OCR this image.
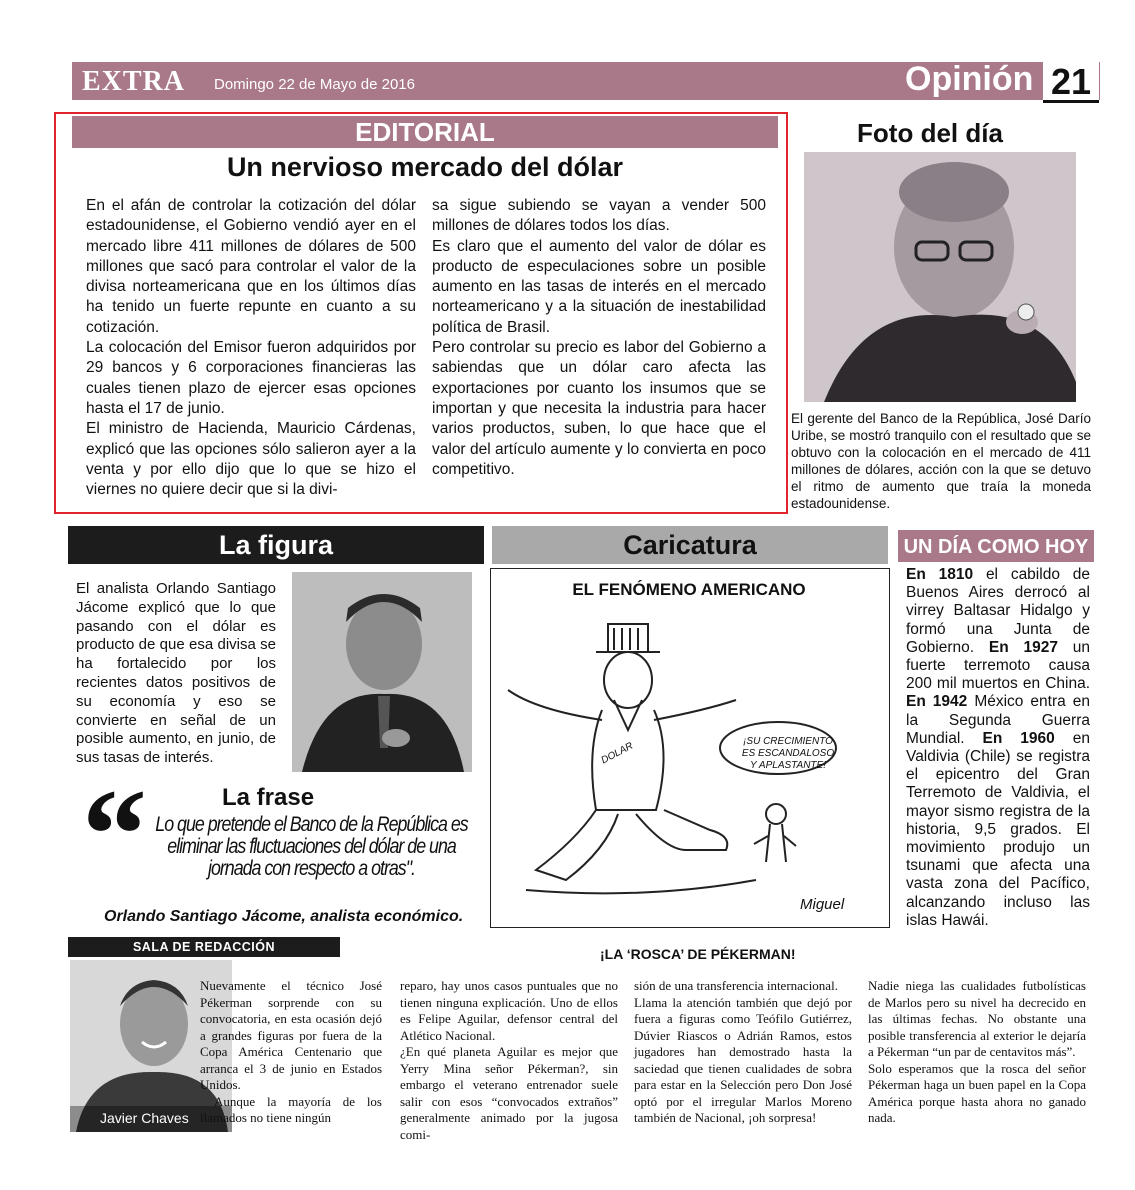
EXTRA Domingo 22 de Mayo de 2016	Opinión 21
EDITORIAL
Un nervioso mercado del dólar

En el afán de controlar la cotización del dólar estadounidense, el Gobierno vendió ayer en el mercado libre 411 millones de dólares de 500 millones que sacó para controlar el valor de la divisa norteamericana que en los últimos días ha tenido un fuerte repunte en cuanto a su cotización.

La colocación del Emisor fueron adquiridos por 29 bancos y 6 corporaciones financieras las cuales tienen plazo de ejercer esas opciones hasta el 17 de junio.

El ministro de Hacienda, Mauricio Cárdenas, explicó que las opciones sólo salieron ayer a la venta y por ello dijo que lo que se hizo el viernes no quiere decir que si la divi-

sa sigue subiendo se vayan a vender 500 millones de dólares todos los días.

Es claro que el aumento del valor de dólar es producto de especulaciones sobre un posible aumento en las tasas de interés en el mercado norteamericano y a la situación de inestabilidad política de Brasil.

Pero controlar su precio es labor del Gobierno a sabiendas que un dólar caro afecta las exportaciones por cuanto los insumos que se importan y que necesita la industria para hacer varios productos, suben, lo que hace que el valor del artículo aumente y lo convierta en poco competitivo.

Foto del día
El gerente del Banco de la República, José Darío Uribe, se mostró tranquilo con el resultado que se obtuvo con la colocación en el mercado de 411 millones de dólares, acción con la que se detuvo el ritmo de aumento que traía la moneda estadounidense.
La figura	Caricatura	UN DÍA COMO HOY
El analista Orlando Santiago Jácome explicó que lo que pasando con el dólar es producto de que esa divisa se ha fortalecido por los recientes datos positivos de su economía y eso se convierte en señal de un posible aumento, en junio, de sus tasas de interés.
“	La frase
Lo que pretende el Banco de la República es eliminar las fluctuaciones del dólar de una jornada con respecto a otras".
Orlando Santiago Jácome, analista económico.
EL FENÓMENO AMERICANO
DOLAR	¡SU CRECIMIENTO
ES ESCANDALOSO
Y APLASTANTE!
Miguel
En 1810 el cabildo de Buenos Aires derrocó al virrey Baltasar Hidalgo y formó una Junta de Gobierno. En 1927 un fuerte terremoto causa 200 mil muertos en China. En 1942 México entra en la Segunda Guerra Mundial. En 1960 en Valdivia (Chile) se registra el epicentro del Gran Terremoto de Valdivia, el mayor sismo registra de la historia, 9,5 grados. El movimiento produjo un tsunami que afecta una vasta zona del Pacífico, alcanzando incluso las islas Hawái.
SALA DE REDACCIÓN	¡LA ‘ROSCA’ DE PÉKERMAN!
Javier Chaves

Nuevamente el técnico José Pékerman sorprende con su convocatoria, en esta ocasión dejó a grandes figuras por fuera de la Copa América Centenario que arranca el 3 de junio en Estados Unidos.

Aunque la mayoría de los llamados no tiene ningún

reparo, hay unos casos puntuales que no tienen ninguna explicación. Uno de ellos es Felipe Aguilar, defensor central del Atlético Nacional.

¿En qué planeta Aguilar es mejor que Yerry Mina señor Pékerman?, sin embargo el veterano entrenador suele salir con esos “convocados extraños” generalmente animado por la jugosa comi-

sión de una transferencia internacional.

Llama la atención también que dejó por fuera a figuras como Teófilo Gutiérrez, Dúvier Riascos o Adrián Ramos, estos jugadores han demostrado hasta la saciedad que tienen cualidades de sobra para estar en la Selección pero Don José optó por el irregular Marlos Moreno también de Nacional, ¡oh sorpresa!

Nadie niega las cualidades futbolísticas de Marlos pero su nivel ha decrecido en las últimas fechas. No obstante una posible transferencia al exterior le dejaría a Pékerman “un par de centavitos más”.

Solo esperamos que la rosca del señor Pékerman haga un buen papel en la Copa América porque hasta ahora no ganado nada.
